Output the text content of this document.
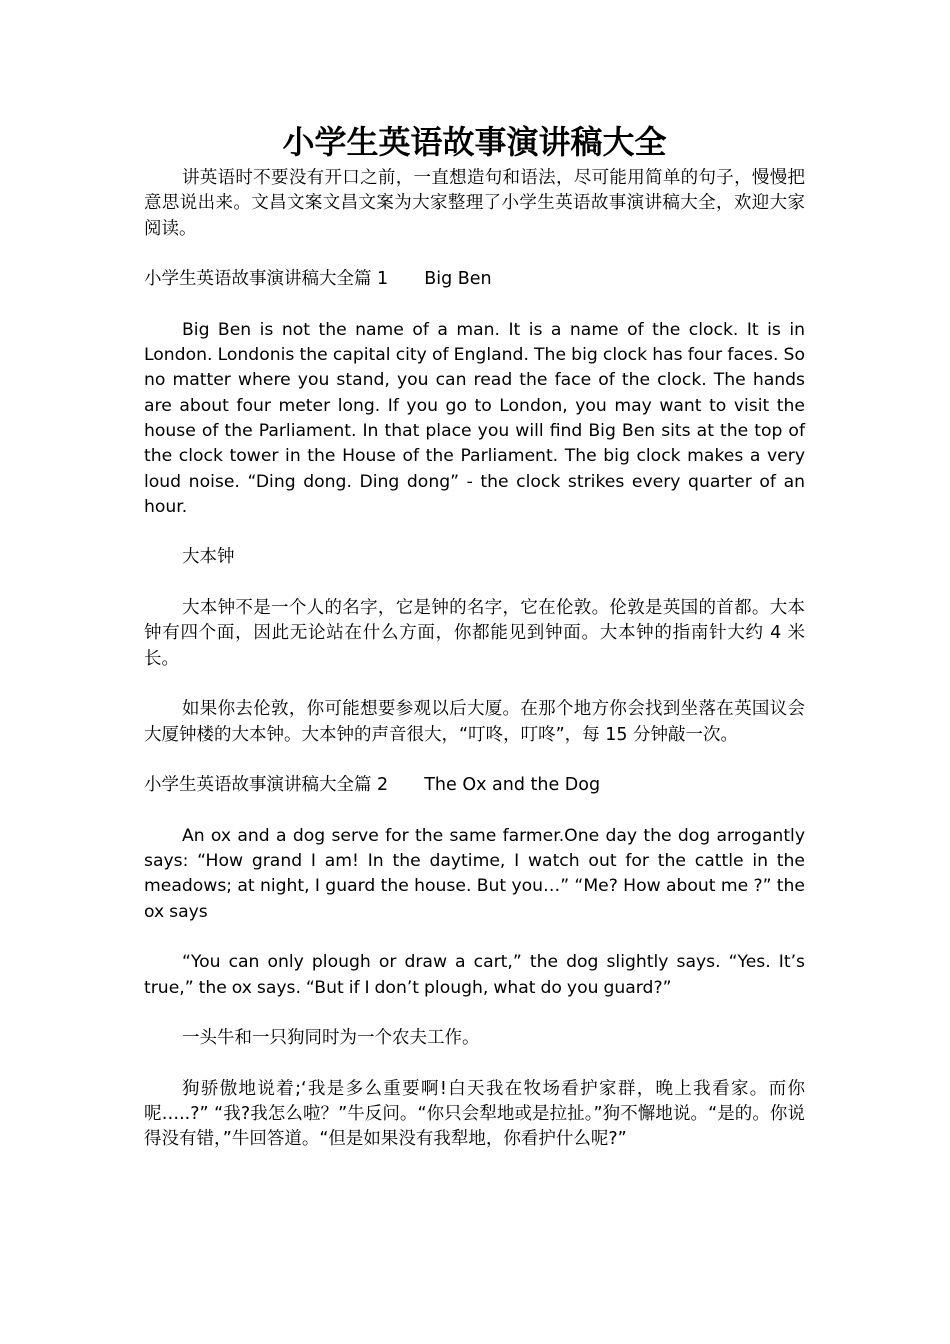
小学生英语故事演讲稿大全

讲英语时不要没有开口之前，一直想造句和语法，尽可能用简单的句子，慢慢把意思说出来。文昌文案文昌文案为大家整理了小学生英语故事演讲稿大全，欢迎大家阅读。

小学生英语故事演讲稿大全篇 1 Big Ben

Big Ben is not the name of a man. It is a name of the clock. It is in London. Londonis the capital city of England. The big clock has four faces. So no matter where you stand, you can read the face of the clock. The hands are about four meter long. If you go to London, you may want to visit the house of the Parliament. In that place you will find Big Ben sits at the top of the clock tower in the House of the Parliament. The big clock makes a very loud noise. “Ding dong. Ding dong” - the clock strikes every quarter of an hour.

大本钟

大本钟不是一个人的名字，它是钟的名字，它在伦敦。伦敦是英国的首都。大本钟有四个面，因此无论站在什么方面，你都能见到钟面。大本钟的指南针大约 4 米长。

如果你去伦敦，你可能想要参观以后大厦。在那个地方你会找到坐落在英国议会大厦钟楼的大本钟。大本钟的声音很大，“叮咚，叮咚”，每 15 分钟敲一次。

小学生英语故事演讲稿大全篇 2 The Ox and the Dog

An ox and a dog serve for the same farmer.One day the dog arrogantly says: “How grand I am! In the daytime, I watch out for the cattle in the meadows; at night, I guard the house. But you…” “Me? How about me ?” the ox says

“You can only plough or draw a cart,” the dog slightly says. “Yes. It’s true,” the ox says. “But if I don’t plough, what do you guard?”

一头牛和一只狗同时为一个农夫工作。

狗骄傲地说着;‘我是多么重要啊!白天我在牧场看护家群，晚上我看家。而你呢…..?” “我?我怎么啦？”牛反问。“你只会犁地或是拉扯。”狗不懈地说。“是的。你说得没有错，”牛回答道。“但是如果没有我犁地，你看护什么呢?”
